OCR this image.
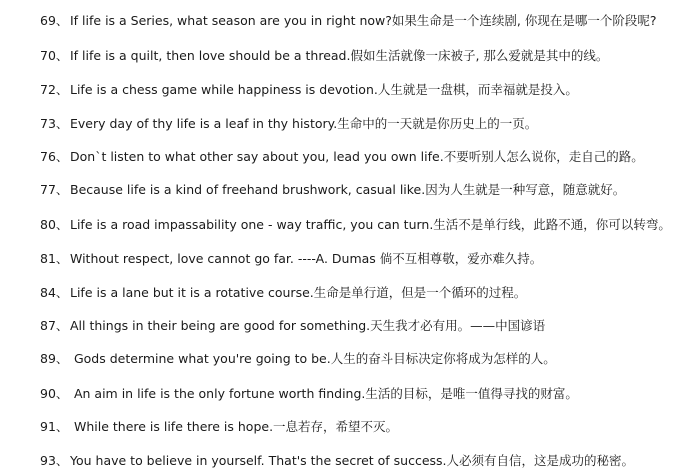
69、 If life is a Series, what season are you in right now?如果生命是一个连续剧, 你现在是哪一个阶段呢?
70、 If life is a quilt, then love should be a thread.假如生活就像一床被子, 那么爱就是其中的线。
72、 Life is a chess game while happiness is devotion.人生就是一盘棋，而幸福就是投入。
73、 Every day of thy life is a leaf in thy history.生命中的一天就是你历史上的一页。
76、 Don`t listen to what other say about you, lead you own life.不要听别人怎么说你，走自己的路。
77、 Because life is a kind of freehand brushwork, casual like.因为人生就是一种写意，随意就好。
80、 Life is a road impassability one - way traffic, you can turn.生活不是单行线，此路不通，你可以转弯。
81、 Without respect, love cannot go far. ----A. Dumas 倘不互相尊敬，爱亦难久持。
84、 Life is a lane but it is a rotative course.生命是单行道，但是一个循环的过程。
87、 All things in their being are good for something.天生我才必有用。——中国谚语
89、 Gods determine what you're going to be.人生的奋斗目标决定你将成为怎样的人。
90、 An aim in life is the only fortune worth finding.生活的目标，是唯一值得寻找的财富。
91、 While there is life there is hope.一息若存，希望不灭。
93、 You have to believe in yourself. That's the secret of success.人必须有自信，这是成功的秘密。
